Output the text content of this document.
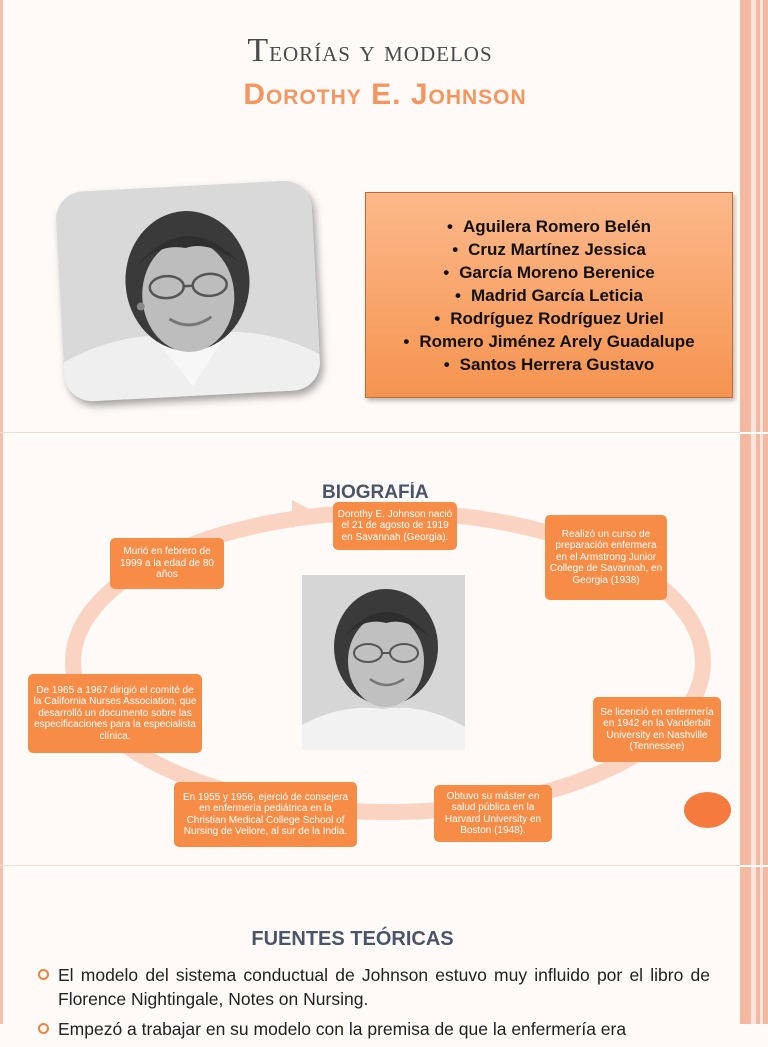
Teorías y modelos
Dorothy E. Johnson
• Aguilera Romero Belén
• Cruz Martínez Jessica
• García Moreno Berenice
• Madrid García Leticia
• Rodríguez Rodríguez Uriel
• Romero Jiménez Arely Guadalupe
• Santos Herrera Gustavo
BIOGRAFÍA
Dorothy E. Johnson nació el 21 de agosto de 1919 en Savannah (Georgia).	Realizó un curso de preparación enfermera en el Armstrong Junior College de Savannah, en Georgia (1938)
Se licenció en enfermería en 1942 en la Vanderbilt University en Nashville (Tennessee)
Obtuvo su máster en salud pública en la Harvard University en Boston (1948).
En 1955 y 1956, ejerció de consejera en enfermería pediátrica en la Christian Medical College School of Nursing de Vellore, al sur de la India.
De 1965 a 1967 dirigió el comité de la California Nurses Association, que desarrolló un documento sobre las especificaciones para la especialista clínica.
Murió en febrero de 1999 a la edad de 80 años
FUENTES TEÓRICAS
El modelo del sistema conductual de Johnson estuvo muy influido por el libro de Florence Nightingale, Notes on Nursing.
Empezó a trabajar en su modelo con la premisa de que la enfermería era
